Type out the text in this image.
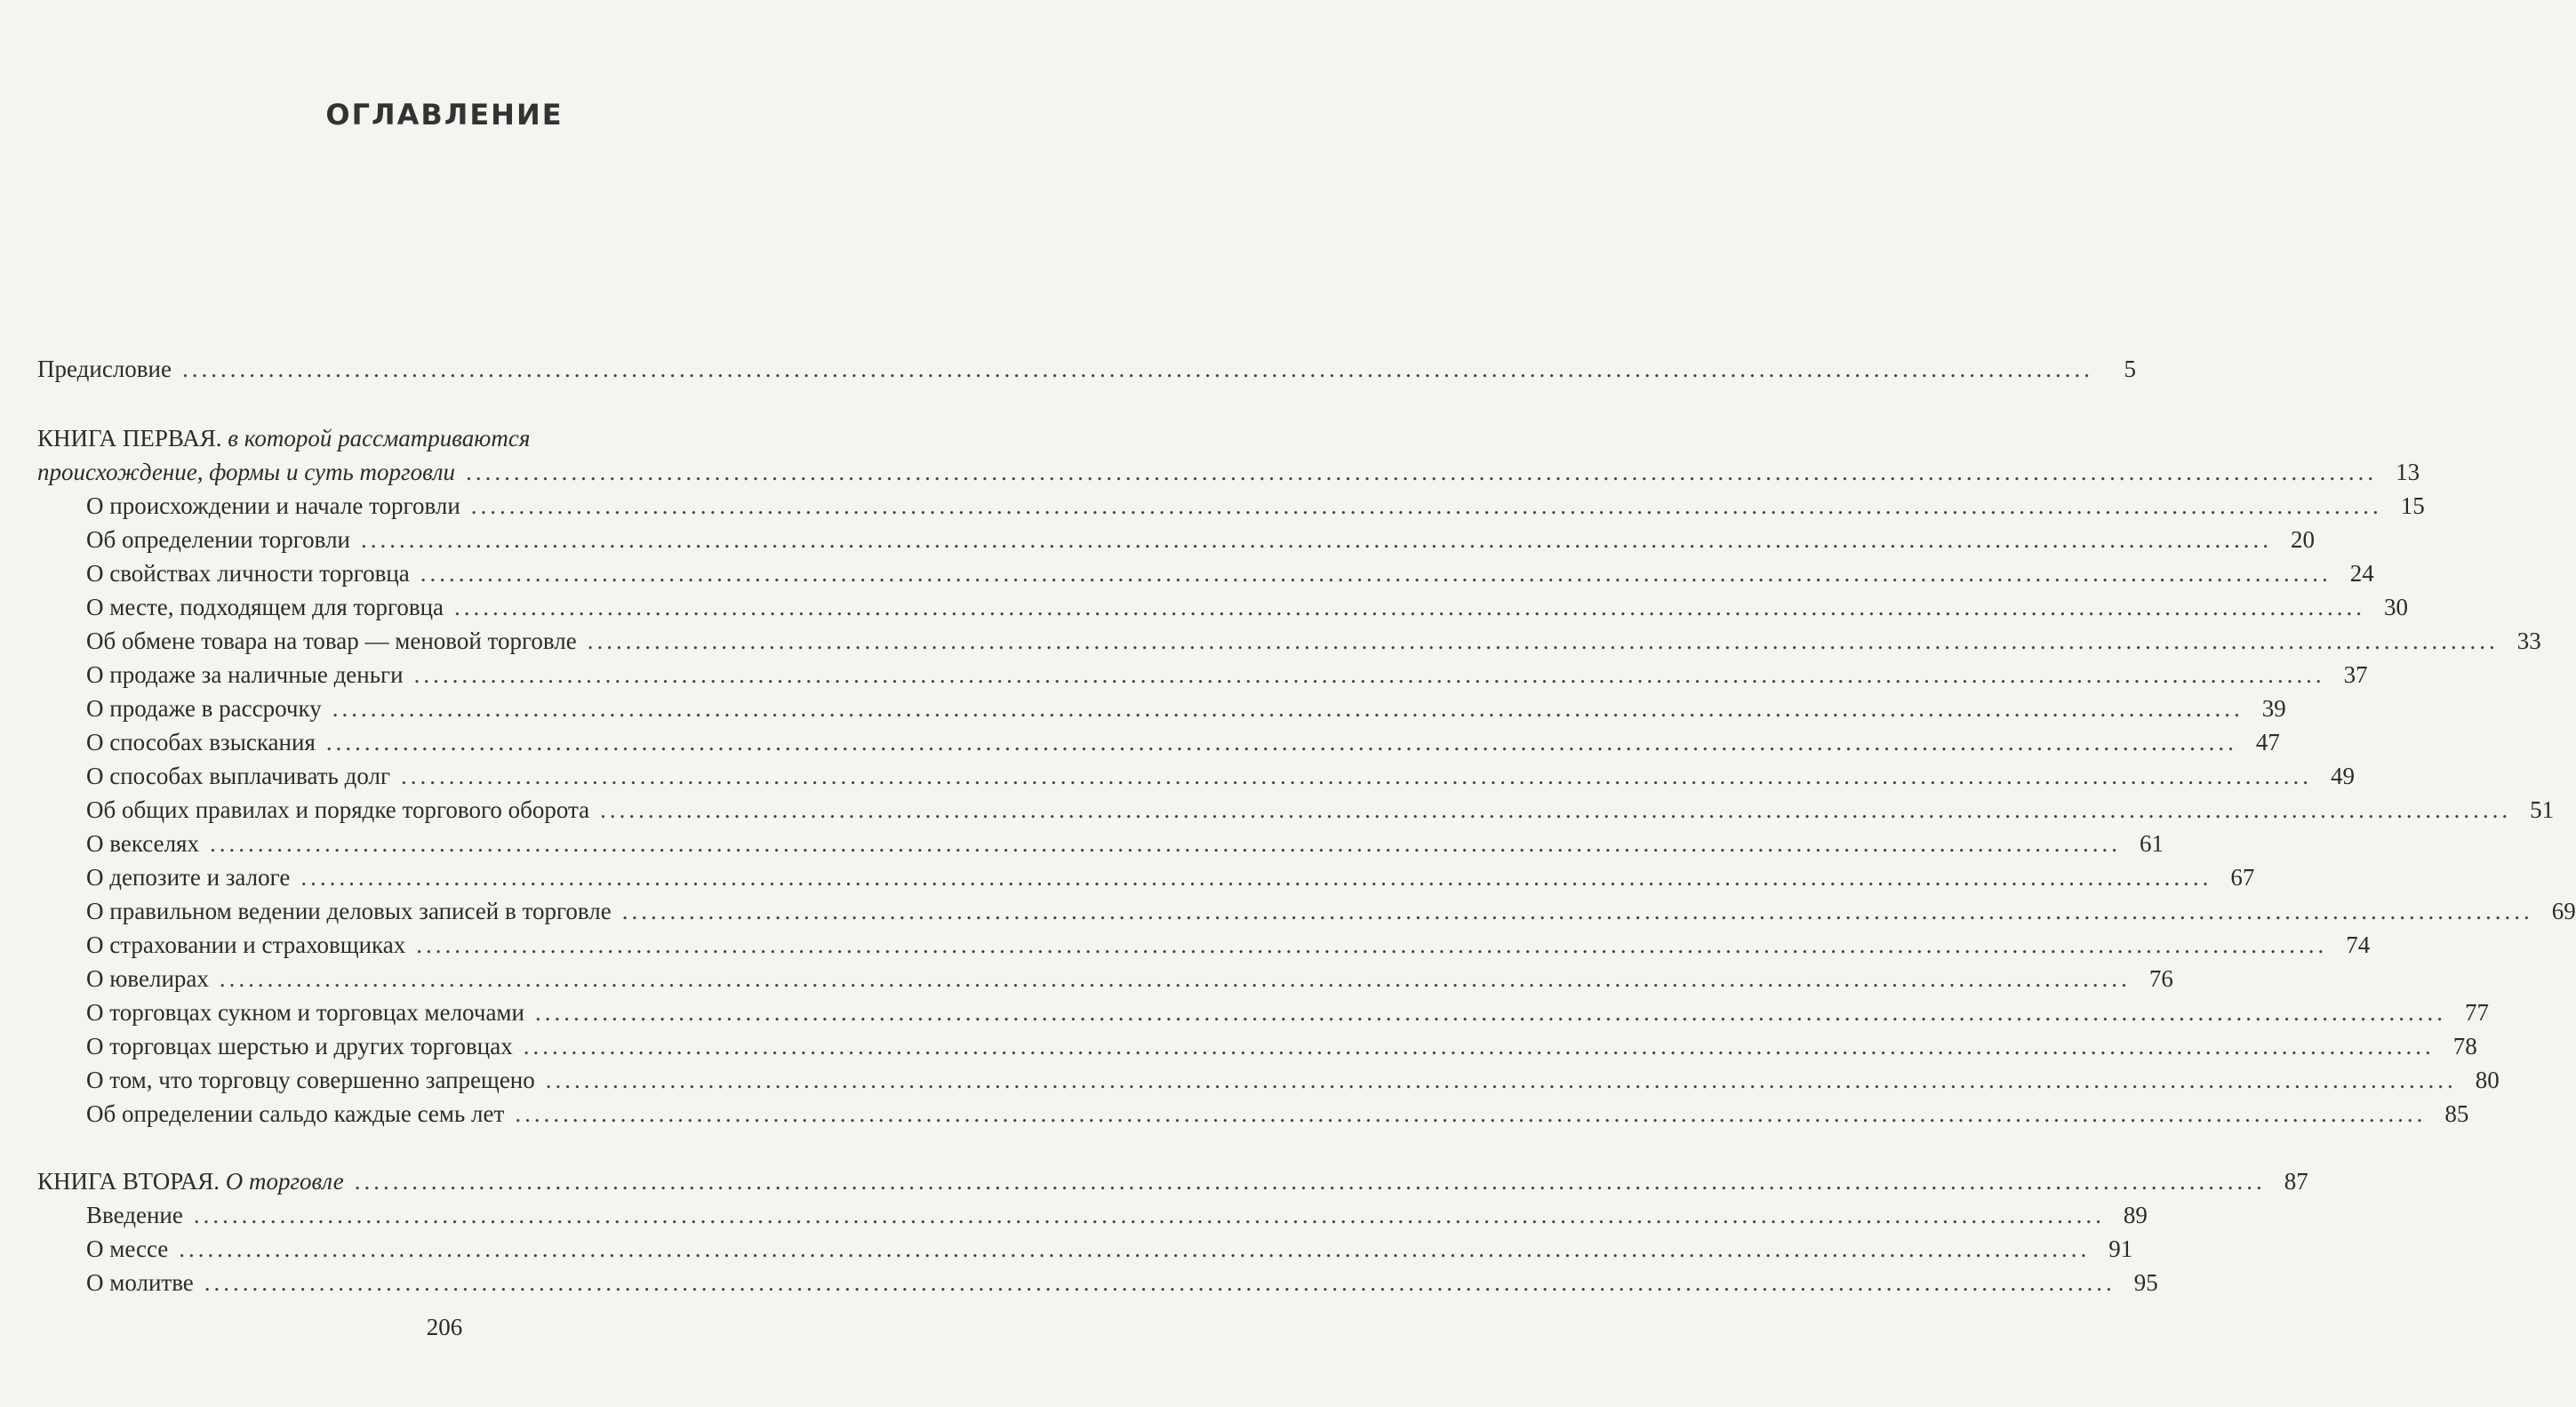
ОГЛАВЛЕНИЕ
Предисловие ........................................................................................................................................................................................................	5
КНИГА ПЕРВАЯ. в которой рассматриваются
происхождение, формы и суть торговли ........................................................................................................................................................................................................ 13
О происхождении и начале торговли ........................................................................................................................................................................................................ 15
Об определении торговли ........................................................................................................................................................................................................ 20
О свойствах личности торговца ........................................................................................................................................................................................................ 24
О месте, подходящем для торговца ........................................................................................................................................................................................................ 30
Об обмене товара на товар — меновой торговле ........................................................................................................................................................................................................ 33
О продаже за наличные деньги ........................................................................................................................................................................................................ 37
О продаже в рассрочку ........................................................................................................................................................................................................ 39
О способах взыскания ........................................................................................................................................................................................................ 47
О способах выплачивать долг ........................................................................................................................................................................................................ 49
Об общих правилах и порядке торгового оборота ........................................................................................................................................................................................................ 51
О векселях ........................................................................................................................................................................................................ 61
О депозите и залоге ........................................................................................................................................................................................................ 67
О правильном ведении деловых записей в торговле ........................................................................................................................................................................................................ 69
О страховании и страховщиках ........................................................................................................................................................................................................ 74
О ювелирах ........................................................................................................................................................................................................ 76
О торговцах сукном и торговцах мелочами ........................................................................................................................................................................................................ 77
О торговцах шерстью и других торговцах ........................................................................................................................................................................................................ 78
О том, что торговцу совершенно запрещено ........................................................................................................................................................................................................ 80
Об определении сальдо каждые семь лет ........................................................................................................................................................................................................ 85
КНИГА ВТОРАЯ. О торговле ........................................................................................................................................................................................................ 87
Введение ........................................................................................................................................................................................................ 89
О мессе ........................................................................................................................................................................................................ 91
О молитве ........................................................................................................................................................................................................ 95
206
